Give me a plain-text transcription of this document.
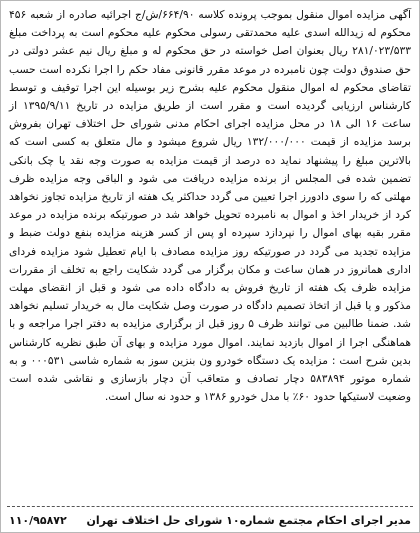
آگهی مزایده اموال منقول بموجب پرونده کلاسه ۶۶۴/۹۰/ش/ج اجرائیه صادره از شعبه ۴۵۶ محکوم له زیدالله اسدی علیه محمدتقی رسولی محکوم علیه محکوم است به پرداخت مبلغ ۲۸۱/۰۲۳/۵۳۳ ریال بعنوان اصل خواسته در حق محکوم له و مبلغ ریال نیم عشر دولتی در حق صندوق دولت چون نامبرده در موعد مقرر قانونی مفاد حکم را اجرا نکرده است حسب تقاضای محکوم له اموال منقول محکوم علیه بشرح زیر بوسیله این اجرا توقیف و توسط کارشناس ارزیابی گردیده است و مقرر است از طریق مزایده در تاریخ ۱۳۹۵/۹/۱۱ از ساعت ۱۶ الی ۱۸ در محل مزایده اجرای احکام مدنی شورای حل اختلاف تهران بفروش برسد مزایده از قیمت ۱۳۲/۰۰۰/۰۰۰ ریال شروع میشود و مال متعلق به کسی است که بالاترین مبلغ را پیشنهاد نماید ده درصد از قیمت مزایده به صورت وجه نقد یا چک بانکی تضمین شده فی المجلس از برنده مزایده دریافت می شود و الباقی وجه مزایده ظرف مهلتی که را سوی دادورز اجرا تعیین می گردد حداکثر یک هفته از تاریخ مزایده تجاوز نخواهد کرد از خریدار اخذ و اموال به نامبرده تحویل خواهد شد در صورتیکه برنده مزایده در موعد مقرر بقیه بهای اموال را نپردازد سپرده او پس از کسر هزینه مزایده بنفع دولت ضبط و مزایده تجدید می گردد در صورتیکه روز مزایده مصادف با ایام تعطیل شود مزایده فردای اداری همانروز در همان ساعت و مکان برگزار می گردد شکایت راجع به تخلف از مقررات مزایده ظرف یک هفته از تاریخ فروش به دادگاه داده می شود و قبل از انقضای مهلت مذکور و یا قبل از اتخاذ تصمیم دادگاه در صورت وصل شکایت مال به خریدار تسلیم نخواهد شد. ضمنا طالبین می توانند ظرف ۵ روز قبل از برگزاری مزایده به دفتر اجرا مراجعه و با هماهنگی اجرا از اموال بازدید نمایند. اموال مورد مزایده و بهای آن طبق نظریه کارشناس بدین شرح است : مزایده یک دستگاه خودرو ون بنزین سوز به شماره شاسی ۰۰۰۵۳۱ و به شماره موتور ۵۸۳۸۹۴ دچار تصادف و متعاقب آن دچار بازسازی و نقاشی شده است وضعیت لاستیکها حدود ۶۰٪ با مدل خودرو ۱۳۸۶ و حدود نه سال است.

مدیر اجرای احکام مجتمع شماره۱۰ شورای حل اختلاف تهران
۱۱۰/۹۵۸۷۲
